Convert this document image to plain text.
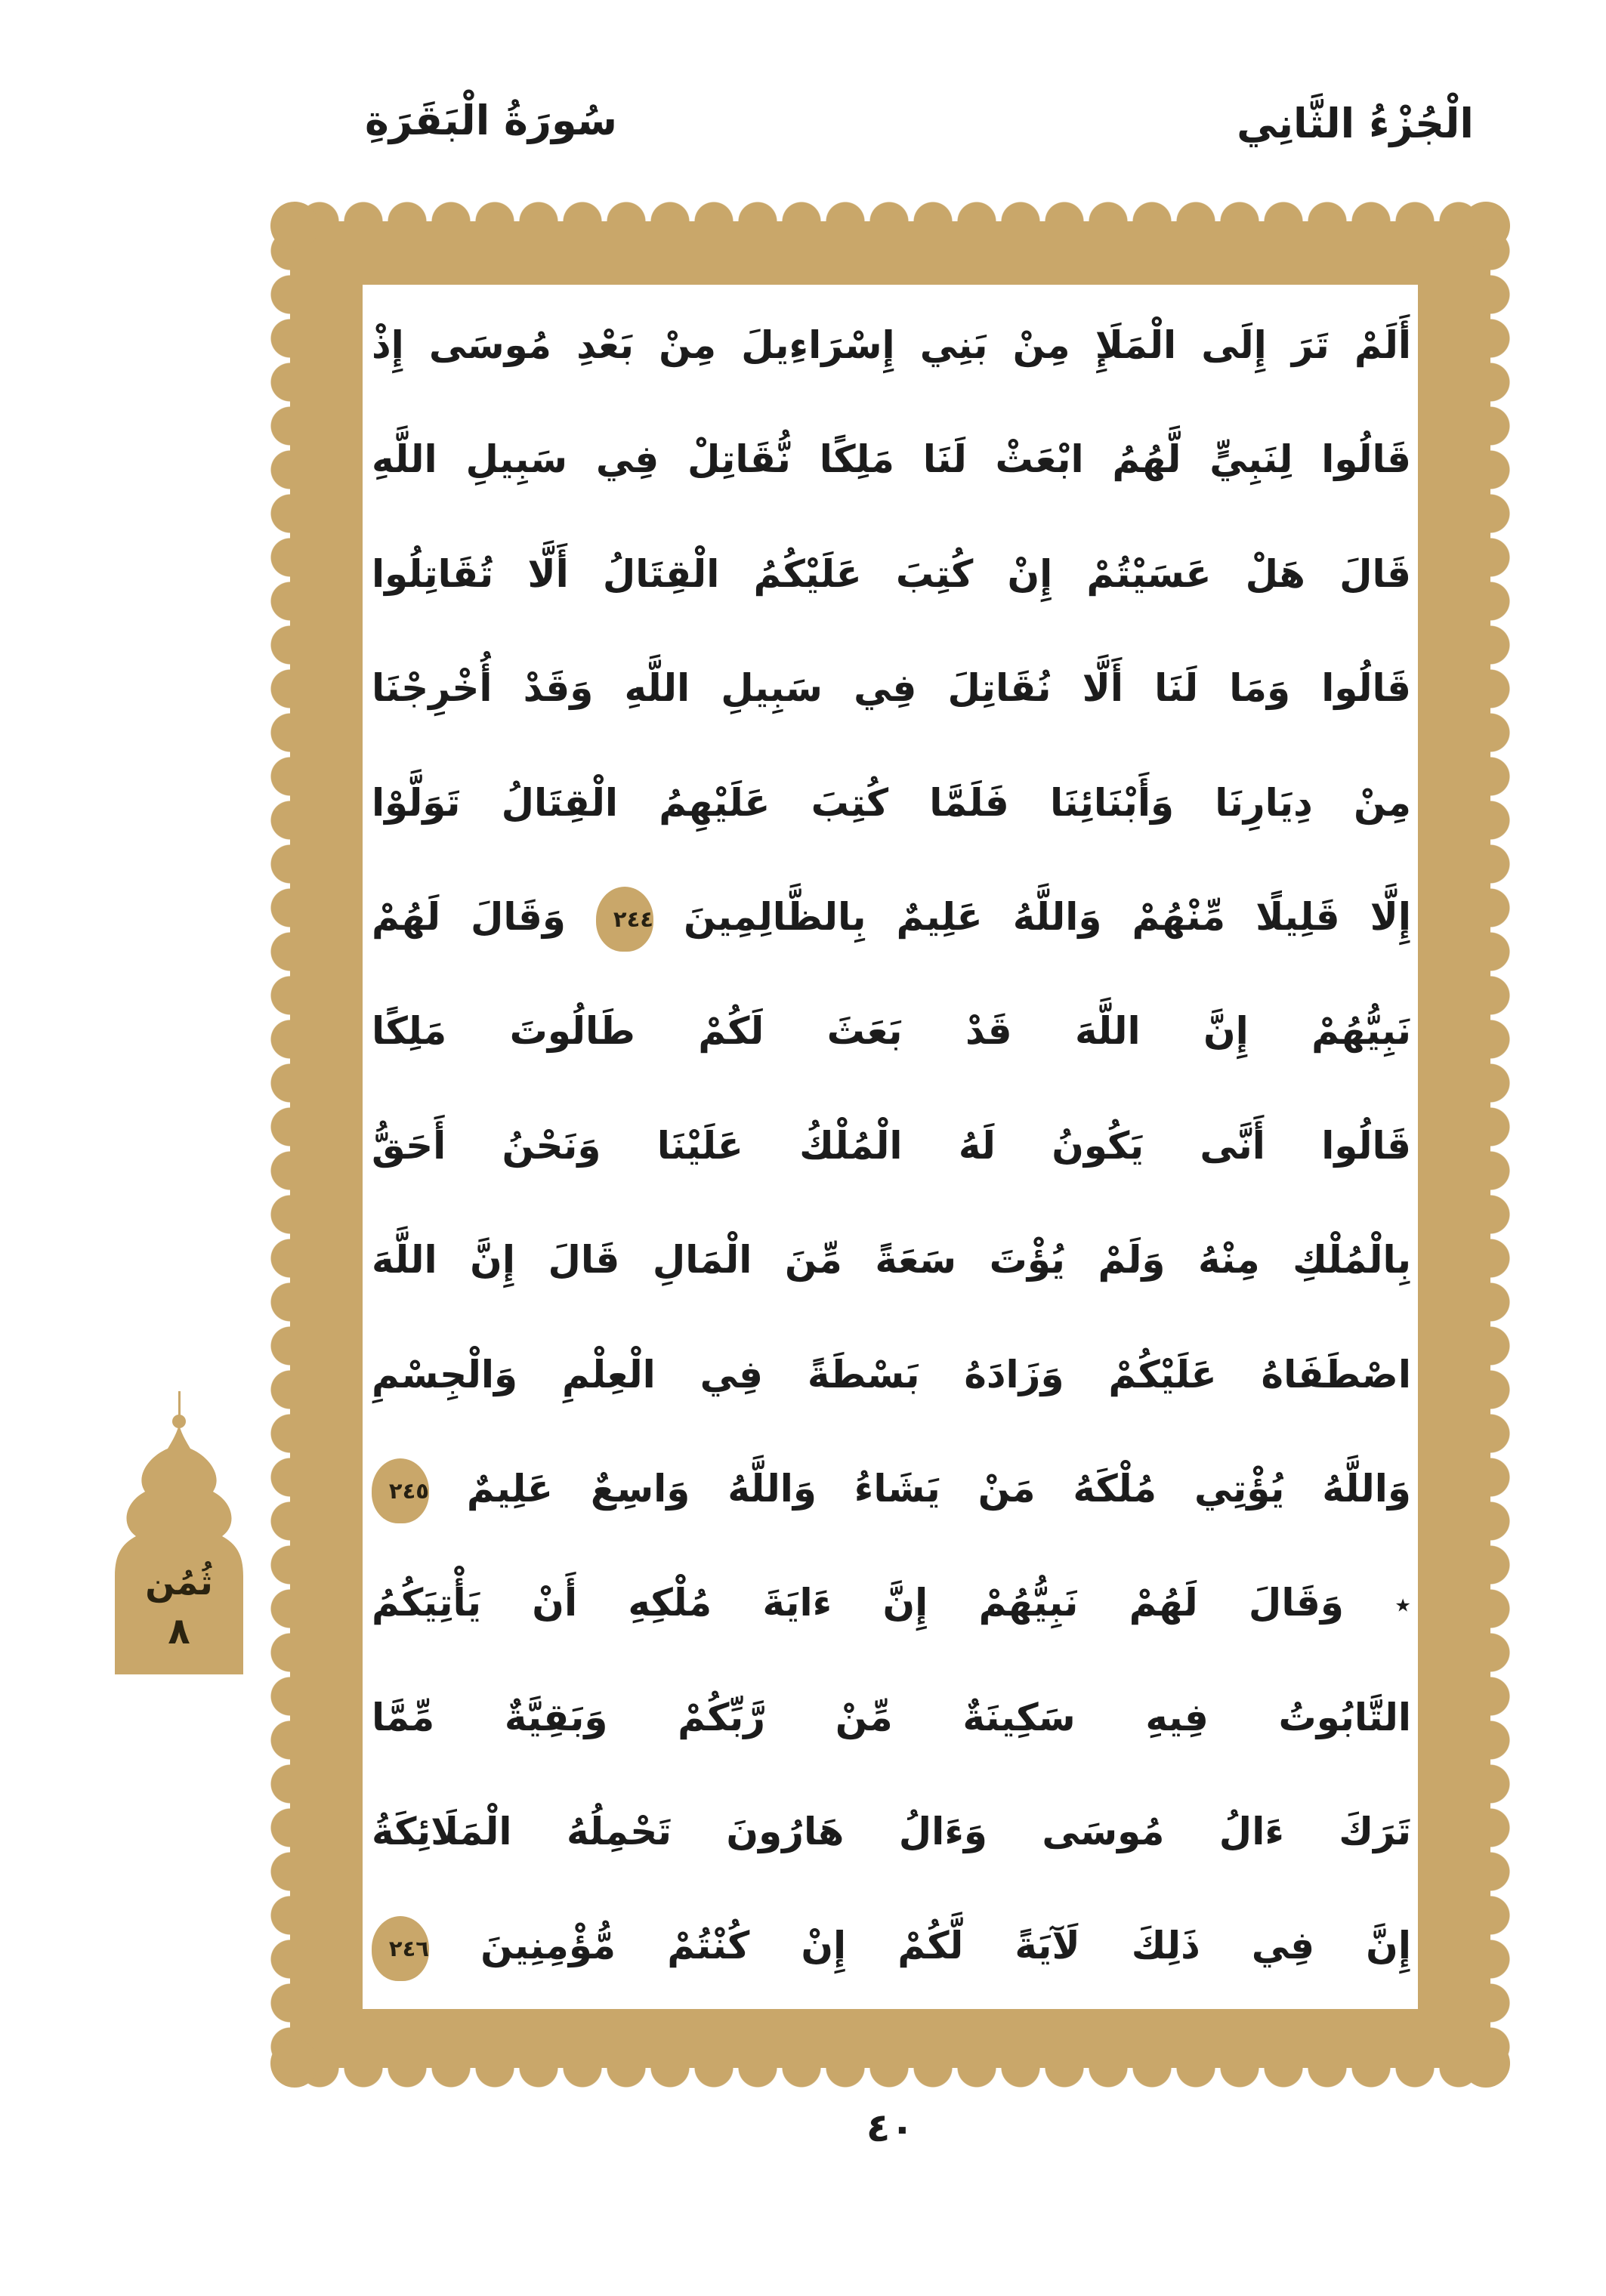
سُورَةُ الْبَقَرَةِ	الْجُزْءُ الثَّانِي
أَلَمْ تَرَ إِلَى الْمَلَإِ مِنْ بَنِي إِسْرَاءِيلَ مِنْ بَعْدِ مُوسَى إِذْ
قَالُوا لِنَبِيٍّ لَّهُمُ ابْعَثْ لَنَا مَلِكًا نُّقَاتِلْ فِي سَبِيلِ اللَّهِ
قَالَ هَلْ عَسَيْتُمْ إِنْ كُتِبَ عَلَيْكُمُ الْقِتَالُ أَلَّا تُقَاتِلُوا
قَالُوا وَمَا لَنَا أَلَّا نُقَاتِلَ فِي سَبِيلِ اللَّهِ وَقَدْ أُخْرِجْنَا
مِنْ دِيَارِنَا وَأَبْنَائِنَا فَلَمَّا كُتِبَ عَلَيْهِمُ الْقِتَالُ تَوَلَّوْا
إِلَّا قَلِيلًا مِّنْهُمْ وَاللَّهُ عَلِيمٌ بِالظَّالِمِينَ ٢٤٤ وَقَالَ لَهُمْ
نَبِيُّهُمْ إِنَّ اللَّهَ قَدْ بَعَثَ لَكُمْ طَالُوتَ مَلِكًا
قَالُوا أَنَّى يَكُونُ لَهُ الْمُلْكُ عَلَيْنَا وَنَحْنُ أَحَقُّ
بِالْمُلْكِ مِنْهُ وَلَمْ يُؤْتَ سَعَةً مِّنَ الْمَالِ قَالَ إِنَّ اللَّهَ
اصْطَفَاهُ عَلَيْكُمْ وَزَادَهُ بَسْطَةً فِي الْعِلْمِ وَالْجِسْمِ
وَاللَّهُ يُؤْتِي مُلْكَهُ مَنْ يَشَاءُ وَاللَّهُ وَاسِعٌ عَلِيمٌ ٢٤٥
٭ وَقَالَ لَهُمْ نَبِيُّهُمْ إِنَّ ءَايَةَ مُلْكِهِ أَنْ يَأْتِيَكُمُ
التَّابُوتُ فِيهِ سَكِينَةٌ مِّنْ رَّبِّكُمْ وَبَقِيَّةٌ مِّمَّا
تَرَكَ ءَالُ مُوسَى وَءَالُ هَارُونَ تَحْمِلُهُ الْمَلَائِكَةُ
إِنَّ فِي ذَلِكَ لَآيَةً لَّكُمْ إِنْ كُنْتُمْ مُّؤْمِنِينَ ٢٤٦
ثُمُن
٨
٤٠
